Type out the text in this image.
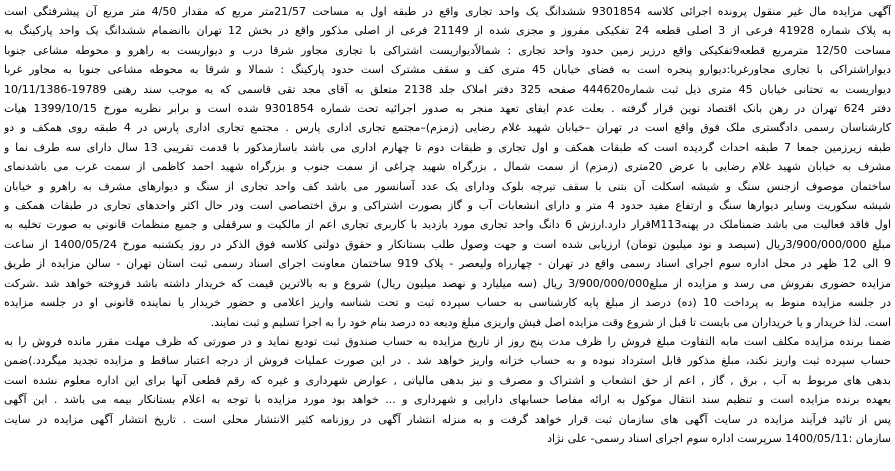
آگهی مزایده مال غیر منقول پرونده اجرائی کلاسه 9301854 ششدانگ یک واحد تجاری واقع در طبقه اول به مساحت 21/57متر مربع که مقدار 4/50 متر مربع آن پیشرفتگی است
به پلاک شماره 41928 فرعی از 3 اصلی قطعه 24 تفکیکی مفروز و مجزی شده از 21149 فرعی از اصلی مذکور واقع در بخش 12 تهران باانضمام ششدانگ یک واحد پارکینگ به
مساحت 12/50 مترمربع قطعه9تفکیکی واقع درزیر زمین حدود واحد تجاری : شمالاًدیواریست اشتراکی با تجاری مجاور شرقا درب و دیواریست به راهرو و محوطه مشاعی جنوبا
دیواراشتراکی با تجاری مجاورغربا:دیوارو پنجره است به فضای خیابان 45 متری کف و سقف مشترک است حدود پارکینگ : شمالا و شرقا به محوطه مشاعی جنوبا به مجاور غربا
دیواریست به تحتانی خیابان 45 متری ذیل ثبت شماره444620 صفحه 325 دفتر املاک جلد 2138 متعلق به آقای مجد تقی قاسمی که به موجب سند رهنی 19789-10/11/1386
دفتر 624 تهران در رهن بانک اقتصاد نوین قرار گرفته . بعلت عدم ایفای تعهد منجر به صدور اجرائیه تحت شماره 9301854 شده است و برابر نظریه مورخ 1399/10/15 هیات
کارشناسان رسمی دادگستری ملک فوق واقع است در تهران –خیابان شهید غلام رضایی (زمزم)–مجتمع تجاری اداری پارس . مجتمع تجاری اداری پارس در 4 طبقه روی همکف و دو
طبقه زیرزمین جمعا 7 طبقه احداث گردیده است که طبقات همکف و اول تجاری و طبقات دوم تا چهارم اداری می باشد باساز‌مذکور با قدمت تقریبی 13 سال دارای سه طرف نما و
مشرف به خیابان شهید غلام رضایی با عرض 20متری (زمزم) از سمت شمال , بزرگراه شهید چراغی از سمت جنوب و بزرگراه شهید احمد کاظمی از سمت غرب می باشدنمای
ساختمان موصوف ازجنس سنگ و شیشه اسکلت آن بتنی با سقف تیرچه بلوک ودارای یک عدد آسانسور می باشد کف واحد تجاری از سنگ و دیوارهای مشرف به راهرو و خیابان
شیشه سکوریت وسایر دیوارها سنگ و ارتفاع مفید حدود 4 متر و دارای انشعابات آب و گاز بصورت اشتراکی و برق اختصاصی است ودر حال اکثر واحدهای تجاری در طبقات همکف و
اول فاقد فعالیت می باشد ضمناملک در پهنهM113قرار دارد.ارزش 6 دانگ واحد تجاری مورد بازدید با کاربری تجاری اعم از مالکیت و سرقفلی و جمیع منظمات قانونی به صورت تخلیه به
مبلغ 3/900/000/000ریال (سیصد و نود میلیون تومان) ارزیابی شده است و جهت وصول طلب بستانکار و حقوق دولتی کلاسه فوق الذکر در روز یکشنبه مورخ 1400/05/24 از ساعت
9 الی 12 ظهر در محل اداره سوم اجرای اسناد رسمی واقع در تهران - چهارراه ولیعصر - پلاک 919 ساختمان معاونت اجرای اسناد رسمی ثبت استان تهران - سالن مزایده از طریق
مزایده حضوری بفروش می رسد و مزایده از مبلغ3/900/000/000 ریال (سه میلیارد و نهصد میلیون ریال) شروع و به بالاترین قیمت که خریدار داشته باشد فروخته خواهد شد .شرکت
در جلسه مزایده منوط به پرداخت 10 (ده) درصد از مبلغ پایه کارشناسی به حساب سپرده ثبت و تحت شناسه واریز اعلامی و حضور خریدار یا نماینده قانونی او در جلسه مزایده
است. لذا خریدار و یا خریداران می بایست تا قبل از شروع وقت مزایده اصل فیش واریزی مبلغ ودیعه ده درصد بنام خود را به اجرا تسلیم و ثبت نمایند.
ضمنا برنده مزایده مکلف است مابه التفاوت مبلغ فروش را ظرف مدت پنج روز از تاریخ مزایده به حساب صندوق ثبت تودیع نماید و در صورتی که ظرف مهلت مقرر مانده فروش را به
حساب سپرده ثبت واریز نکند، مبلغ مذکور قابل استرداد نبوده و به حساب خزانه واریز خواهد شد . در این صورت عملیات فروش از درجه اعتبار ساقط و مزایده تجدید میگردد.)ضمن
بدهی های مربوط به آب , برق , گاز , اعم از حق انشعاب و اشتراک و مصرف و نیز بدهی مالیاتی , عوارض شهرداری و غیره که رقم قطعی آنها برای این اداره معلوم نشده است
بعهده برنده مزایده است و تنظیم سند انتقال موکول به ارائه مفاصا حسابهای دارایی و شهرداری و ... خواهد بود مورد مزایده با توجه به اعلام بستانکار بیمه می باشد . این آگهی
پس از تائید فرآیند مزایده در سایت آگهی های سازمان ثبت قرار خواهد گرفت و به منزله انتشار آگهی در روزنامه کثیر الانتشار محلی است . تاریخ انتشار آگهی مزایده در سایت
سازمان :1400/05/11 سرپرست اداره سوم اجرای اسناد رسمی- علی نژاد
